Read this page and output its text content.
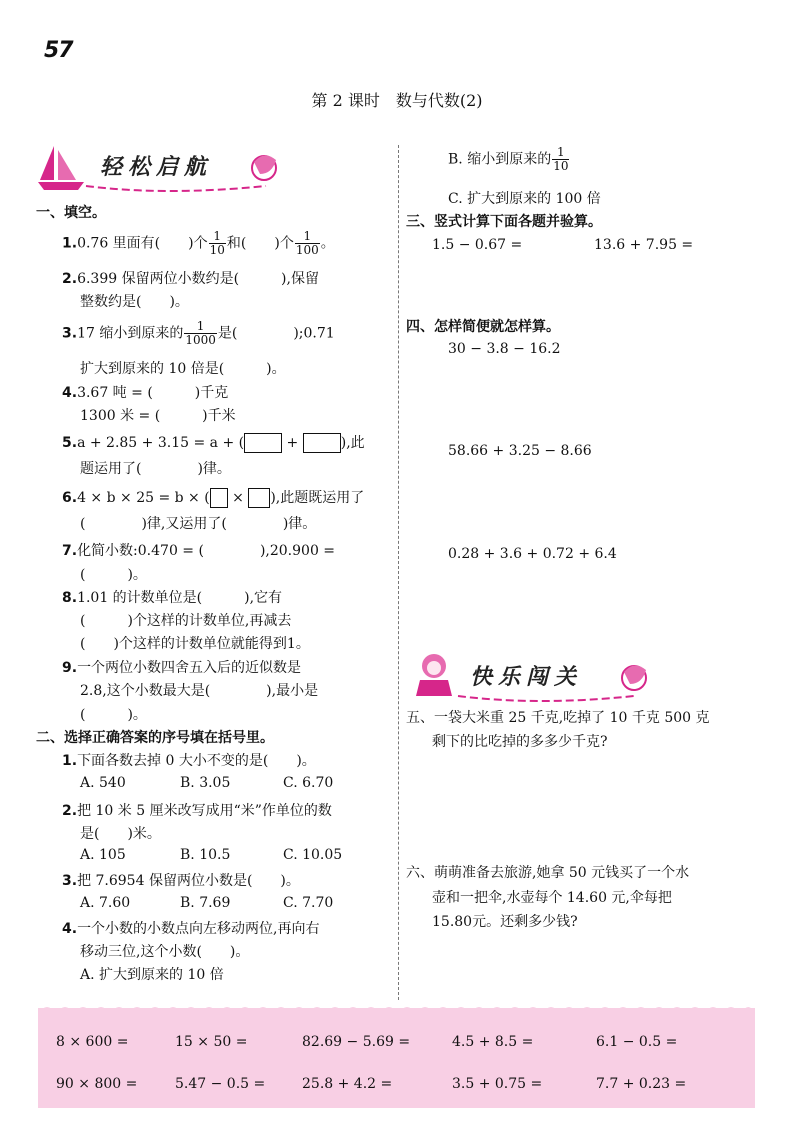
57
第 2 课时　数与代数(2)
轻松启航
一、填空。
1.0.76 里面有(　　)个 $\frac{1}{10}$ 和(　　)个 $\frac{1}{100}$ 。
2.6.399 保留两位小数约是(　　　),保留
整数约是(　　)。
3.17 缩小到原来的 $\frac{1}{1000}$ 是(　　　　);0.71
扩大到原来的 10 倍是(　　　)。
4.3.67 吨 = (　　　)千克
1300 米 = (　　　)千米
5.a + 2.85 + 3.15 = a + (	+	),此
题运用了(　　　　)律。
6.4 × b × 25 = b × ( × ),此题既运用了
(　　　　)律,又运用了(　　　　)律。
7.化简小数:0.470 = (　　　　),20.900 =
(　　　)。
8.1.01 的计数单位是(　　　),它有
(　　　)个这样的计数单位,再减去
(　　)个这样的计数单位就能得到1。
9.一个两位小数四舍五入后的近似数是
2.8,这个小数最大是(　　　　),最小是
(　　　)。
二、选择正确答案的序号填在括号里。
1.下面各数去掉 0 大小不变的是(　　)。
A. 540	B. 3.05	C. 6.70
2.把 10 米 5 厘米改写成用“米”作单位的数
是(　　)米。
A. 105	B. 10.5	C. 10.05
3.把 7.6954 保留两位小数是(　　)。
A. 7.60	B. 7.69	C. 7.70
4.一个小数的小数点向左移动两位,再向右
移动三位,这个小数(　　)。
A. 扩大到原来的 10 倍
B. 缩小到原来的 $\frac{1}{10}$
C. 扩大到原来的 100 倍
三、竖式计算下面各题并验算。
1.5 − 0.67 =	13.6 + 7.95 =
四、怎样简便就怎样算。
30 − 3.8 − 16.2
58.66 + 3.25 − 8.66
0.28 + 3.6 + 0.72 + 6.4
快乐闯关
五、一袋大米重 25 千克,吃掉了 10 千克 500 克
剩下的比吃掉的多多少千克?
六、萌萌准备去旅游,她拿 50 元钱买了一个水
壶和一把伞,水壶每个 14.60 元,伞每把
15.80元。还剩多少钱?
8 × 600 =	15 × 50 =	82.69 − 5.69 =	4.5 + 8.5 =	6.1 − 0.5 =
90 × 800 =	5.47 − 0.5 =	25.8 + 4.2 =	3.5 + 0.75 =	7.7 + 0.23 =
